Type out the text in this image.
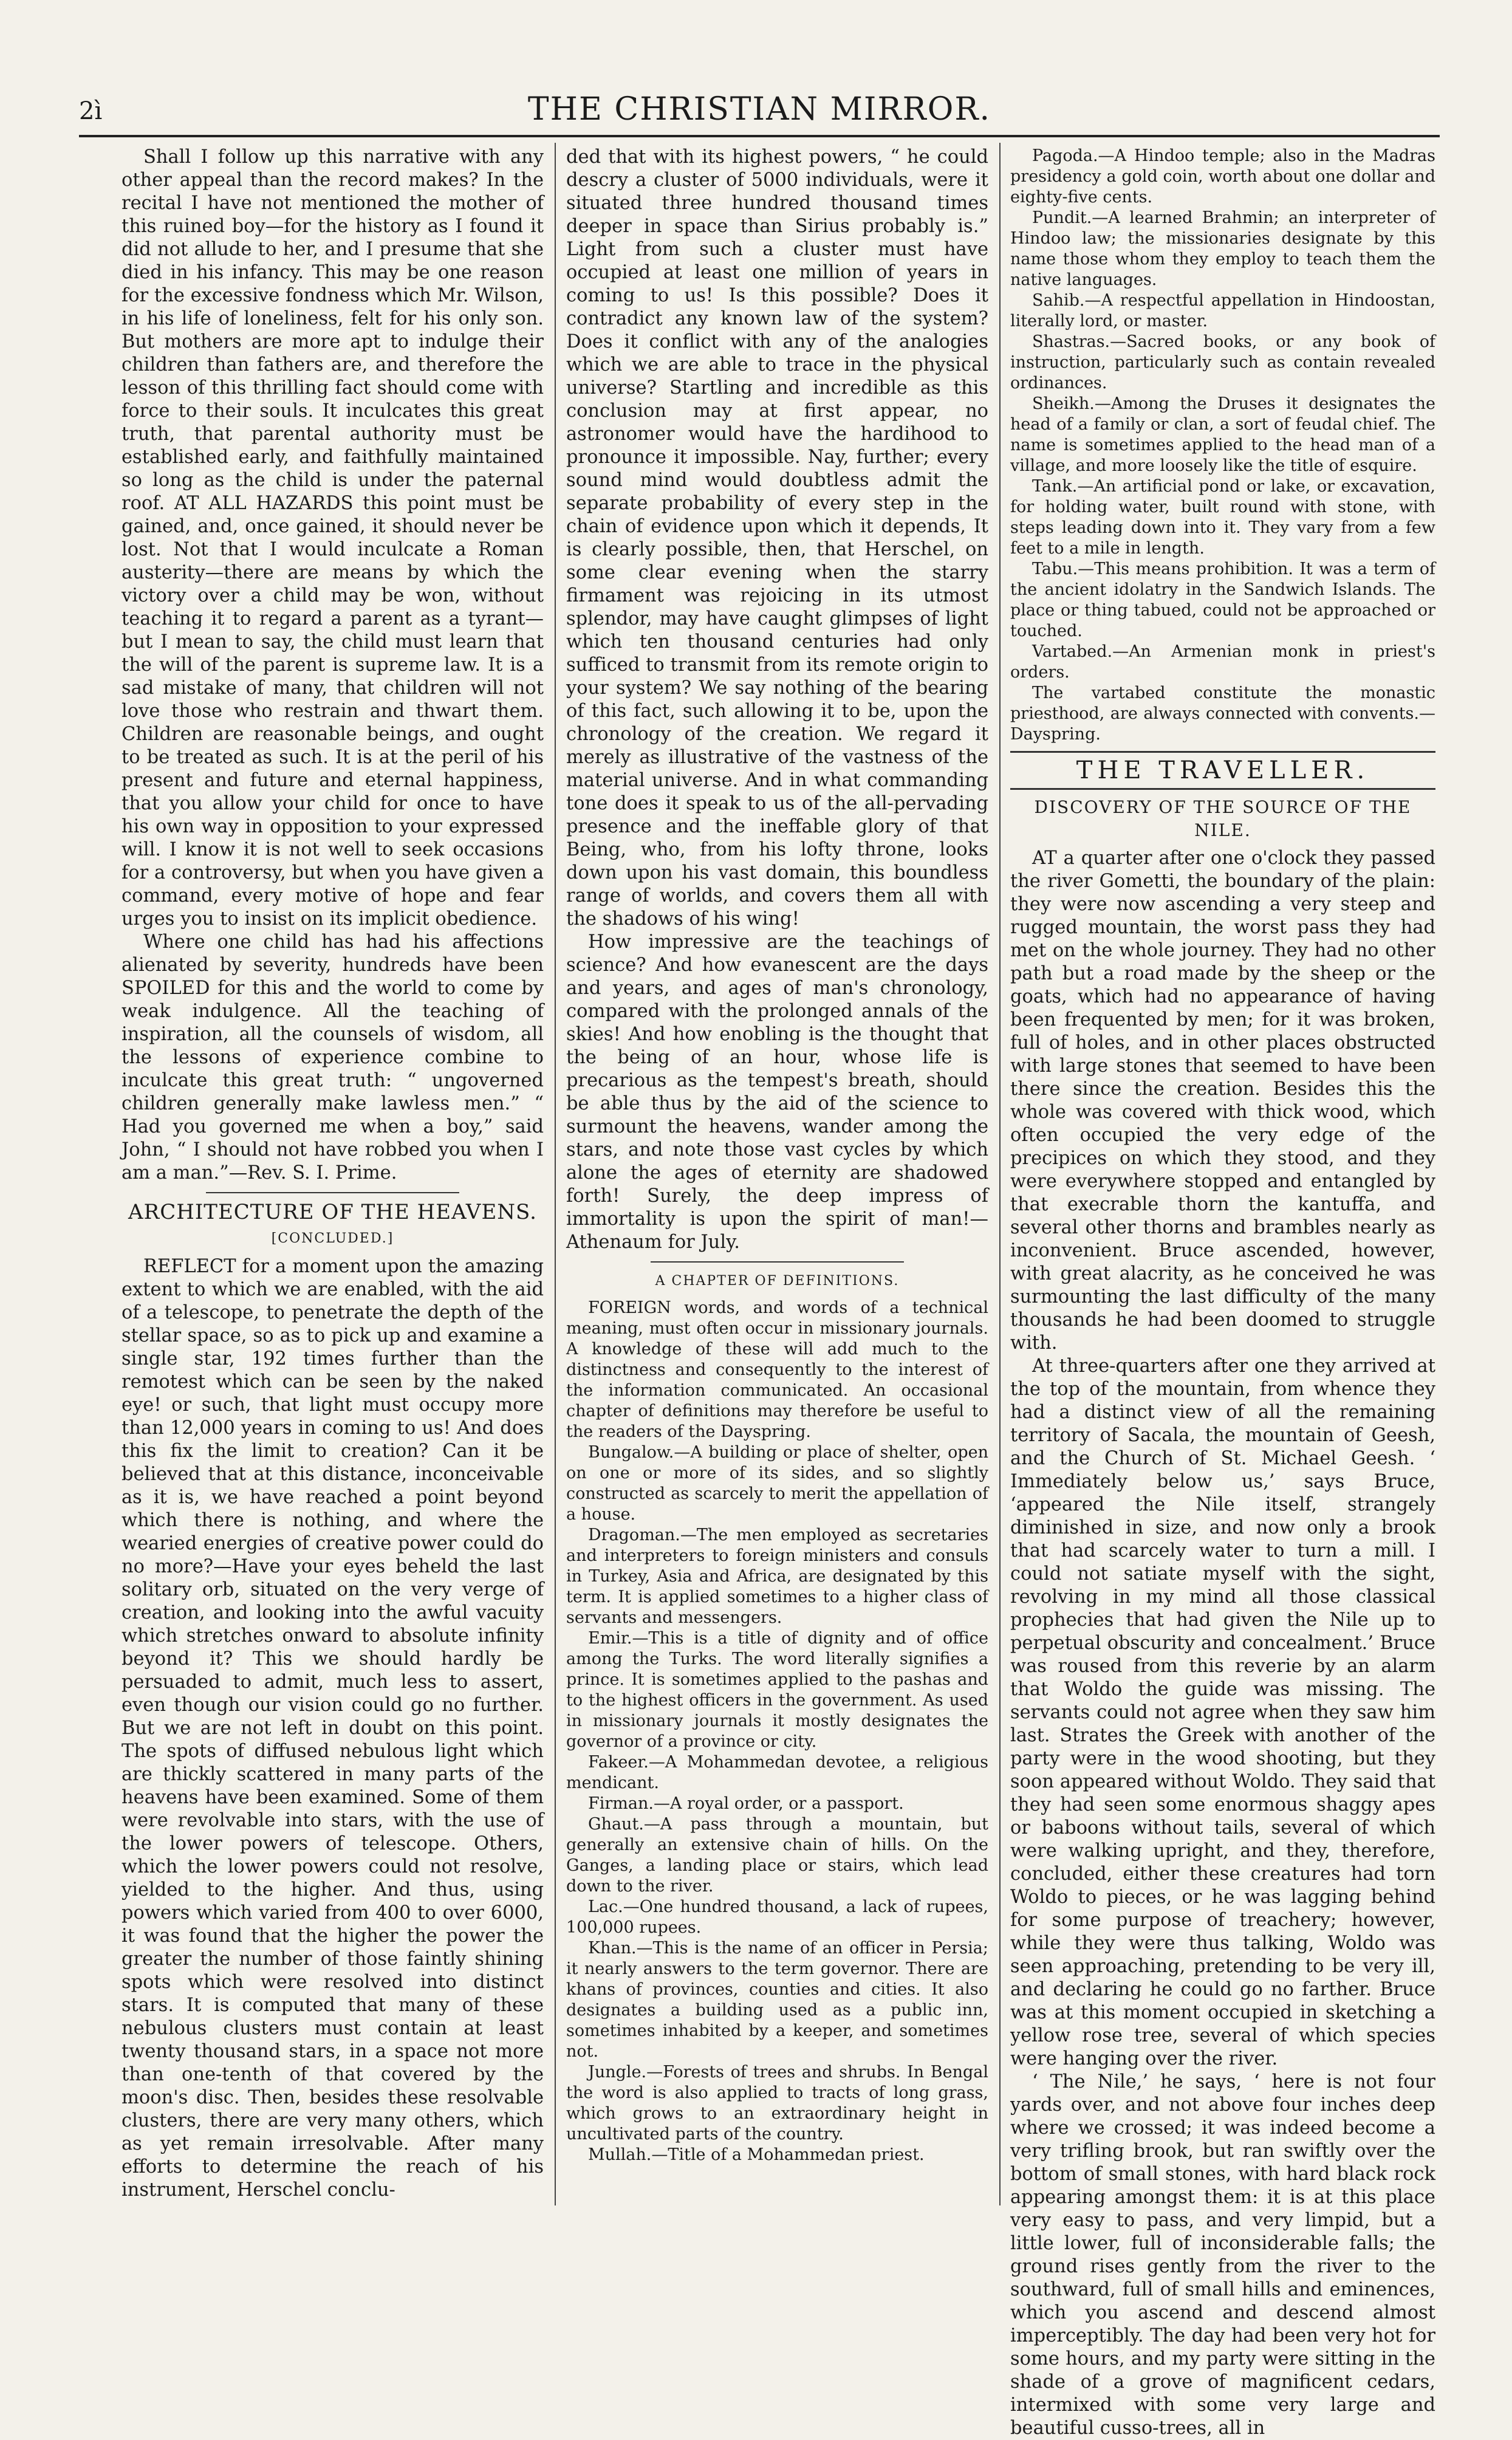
2ì	THE CHRISTIAN MIRROR.

Shall I follow up this narrative with any other appeal than the record makes? In the recital I have not mentioned the mother of this ruined boy—for the history as I found it did not allude to her, and I presume that she died in his infancy. This may be one reason for the excessive fondness which Mr. Wilson, in his life of loneliness, felt for his only son. But mothers are more apt to indulge their children than fathers are, and therefore the lesson of this thrilling fact should come with force to their souls. It inculcates this great truth, that parental authority must be established early, and faithfully maintained so long as the child is under the paternal roof. AT ALL HAZARDS this point must be gained, and, once gained, it should never be lost. Not that I would inculcate a Roman austerity—there are means by which the victory over a child may be won, without teaching it to regard a parent as a tyrant—but I mean to say, the child must learn that the will of the parent is supreme law. It is a sad mistake of many, that children will not love those who restrain and thwart them. Children are reasonable beings, and ought to be treated as such. It is at the peril of his present and future and eternal happiness, that you allow your child for once to have his own way in opposition to your expressed will. I know it is not well to seek occasions for a controversy, but when you have given a command, every motive of hope and fear urges you to insist on its implicit obedience.

Where one child has had his affections alienated by severity, hundreds have been SPOILED for this and the world to come by weak indulgence. All the teaching of inspiration, all the counsels of wisdom, all the lessons of experience combine to inculcate this great truth: “ ungoverned children generally make lawless men.” “ Had you governed me when a boy,” said John, “ I should not have robbed you when I am a man.”—Rev. S. I. Prime.

ARCHITECTURE OF THE HEAVENS.
[CONCLUDED.]

REFLECT for a moment upon the amazing extent to which we are enabled, with the aid of a telescope, to penetrate the depth of the stellar space, so as to pick up and examine a single star, 192 times further than the remotest which can be seen by the naked eye! or such, that light must occupy more than 12,000 years in coming to us! And does this fix the limit to creation? Can it be believed that at this distance, inconceivable as it is, we have reached a point beyond which there is nothing, and where the wearied energies of creative power could do no more?—Have your eyes beheld the last solitary orb, situated on the very verge of creation, and looking into the awful vacuity which stretches onward to absolute infinity beyond it? This we should hardly be persuaded to admit, much less to assert, even though our vision could go no further. But we are not left in doubt on this point. The spots of diffused nebulous light which are thickly scattered in many parts of the heavens have been examined. Some of them were revolvable into stars, with the use of the lower powers of telescope. Others, which the lower powers could not resolve, yielded to the higher. And thus, using powers which varied from 400 to over 6000, it was found that the higher the power the greater the number of those faintly shining spots which were resolved into distinct stars. It is computed that many of these nebulous clusters must contain at least twenty thousand stars, in a space not more than one-tenth of that covered by the moon's disc. Then, besides these resolvable clusters, there are very many others, which as yet remain irresolvable. After many efforts to determine the reach of his instrument, Herschel conclu-

ded that with its highest powers, “ he could descry a cluster of 5000 individuals, were it situated three hundred thousand times deeper in space than Sirius probably is.” Light from such a cluster must have occupied at least one million of years in coming to us! Is this possible? Does it contradict any known law of the system? Does it conflict with any of the analogies which we are able to trace in the physical universe? Startling and incredible as this conclusion may at first appear, no astronomer would have the hardihood to pronounce it impossible. Nay, further; every sound mind would doubtless admit the separate probability of every step in the chain of evidence upon which it depends, It is clearly possible, then, that Herschel, on some clear evening when the starry firmament was rejoicing in its utmost splendor, may have caught glimpses of light which ten thousand centuries had only sufficed to transmit from its remote origin to your system? We say nothing of the bearing of this fact, such allowing it to be, upon the chronology of the creation. We regard it merely as illustrative of the vastness of the material universe. And in what commanding tone does it speak to us of the all-pervading presence and the ineffable glory of that Being, who, from his lofty throne, looks down upon his vast domain, this boundless range of worlds, and covers them all with the shadows of his wing!

How impressive are the teachings of science? And how evanescent are the days and years, and ages of man's chronology, compared with the prolonged annals of the skies! And how enobling is the thought that the being of an hour, whose life is precarious as the tempest's breath, should be able thus by the aid of the science to surmount the heavens, wander among the stars, and note those vast cycles by which alone the ages of eternity are shadowed forth! Surely, the deep impress of immortality is upon the spirit of man!—Athenaum for July.

A CHAPTER OF DEFINITIONS.

FOREIGN words, and words of a technical meaning, must often occur in missionary journals. A knowledge of these will add much to the distinctness and consequently to the interest of the information communicated. An occasional chapter of definitions may therefore be useful to the readers of the Dayspring.

Bungalow.—A building or place of shelter, open on one or more of its sides, and so slightly constructed as scarcely to merit the appellation of a house.

Dragoman.—The men employed as secretaries and interpreters to foreign ministers and consuls in Turkey, Asia and Africa, are designated by this term. It is applied sometimes to a higher class of servants and messengers.

Emir.—This is a title of dignity and of office among the Turks. The word literally signifies a prince. It is sometimes applied to the pashas and to the highest officers in the government. As used in missionary journals it mostly designates the governor of a province or city.

Fakeer.—A Mohammedan devotee, a religious mendicant.

Firman.—A royal order, or a passport.

Ghaut.—A pass through a mountain, but generally an extensive chain of hills. On the Ganges, a landing place or stairs, which lead down to the river.

Lac.—One hundred thousand, a lack of rupees, 100,000 rupees.

Khan.—This is the name of an officer in Persia; it nearly answers to the term governor. There are khans of provinces, counties and cities. It also designates a building used as a public inn, sometimes inhabited by a keeper, and sometimes not.

Jungle.—Forests of trees and shrubs. In Bengal the word is also applied to tracts of long grass, which grows to an extraordinary height in uncultivated parts of the country.

Mullah.—Title of a Mohammedan priest.

Pagoda.—A Hindoo temple; also in the Madras presidency a gold coin, worth about one dollar and eighty-five cents.

Pundit.—A learned Brahmin; an interpreter of Hindoo law; the missionaries designate by this name those whom they employ to teach them the native languages.

Sahib.—A respectful appellation in Hindoostan, literally lord, or master.

Shastras.—Sacred books, or any book of instruction, particularly such as contain revealed ordinances.

Sheikh.—Among the Druses it designates the head of a family or clan, a sort of feudal chief. The name is sometimes applied to the head man of a village, and more loosely like the title of esquire.

Tank.—An artificial pond or lake, or excavation, for holding water, built round with stone, with steps leading down into it. They vary from a few feet to a mile in length.

Tabu.—This means prohibition. It was a term of the ancient idolatry in the Sandwich Islands. The place or thing tabued, could not be approached or touched.

Vartabed.—An Armenian monk in priest's orders.

The vartabed constitute the monastic priesthood, are always connected with convents.—Dayspring.

THE TRAVELLER.
DISCOVERY OF THE SOURCE OF THE NILE.

AT a quarter after one o'clock they passed the river Gometti, the boundary of the plain: they were now ascending a very steep and rugged mountain, the worst pass they had met on the whole journey. They had no other path but a road made by the sheep or the goats, which had no appearance of having been frequented by men; for it was broken, full of holes, and in other places obstructed with large stones that seemed to have been there since the creation. Besides this the whole was covered with thick wood, which often occupied the very edge of the precipices on which they stood, and they were everywhere stopped and entangled by that execrable thorn the kantuffa, and several other thorns and brambles nearly as inconvenient. Bruce ascended, however, with great alacrity, as he conceived he was surmounting the last difficulty of the many thousands he had been doomed to struggle with.

At three-quarters after one they arrived at the top of the mountain, from whence they had a distinct view of all the remaining territory of Sacala, the mountain of Geesh, and the Church of St. Michael Geesh. ‘ Immediately below us,’ says Bruce, ‘appeared the Nile itself, strangely diminished in size, and now only a brook that had scarcely water to turn a mill. I could not satiate myself with the sight, revolving in my mind all those classical prophecies that had given the Nile up to perpetual obscurity and concealment.’ Bruce was roused from this reverie by an alarm that Woldo the guide was missing. The servants could not agree when they saw him last. Strates the Greek with another of the party were in the wood shooting, but they soon appeared without Woldo. They said that they had seen some enormous shaggy apes or baboons without tails, several of which were walking upright, and they, therefore, concluded, either these creatures had torn Woldo to pieces, or he was lagging behind for some purpose of treachery; however, while they were thus talking, Woldo was seen approaching, pretending to be very ill, and declaring he could go no farther. Bruce was at this moment occupied in sketching a yellow rose tree, several of which species were hanging over the river.

‘ The Nile,’ he says, ‘ here is not four yards over, and not above four inches deep where we crossed; it was indeed become a very trifling brook, but ran swiftly over the bottom of small stones, with hard black rock appearing amongst them: it is at this place very easy to pass, and very limpid, but a little lower, full of inconsiderable falls; the ground rises gently from the river to the southward, full of small hills and eminences, which you ascend and descend almost imperceptibly. The day had been very hot for some hours, and my party were sitting in the shade of a grove of magnificent cedars, intermixed with some very large and beautiful cusso-trees, all in
